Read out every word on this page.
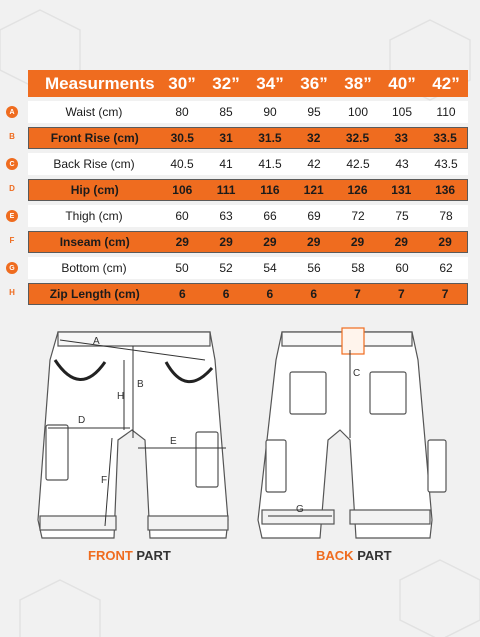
Measurments 30” 32” 34” 36” 38” 40” 42”
Waist (cm)	80	85	90	95	100	105	110
Front Rise (cm)	30.5	31	31.5	32	32.5	33	33.5
Back Rise (cm)	40.5	41	41.5	42	42.5	43	43.5
Hip (cm)	106	111	116	121	126	131	136
Thigh (cm)	60	63	66	69	72	75	78
Inseam (cm)	29	29	29	29	29	29	29
Bottom (cm)	50	52	54	56	58	60	62
Zip Length (cm)	6	6	6	6	7	7	7
A
B
C
D
E
F
G
H
A
B
H
D
E
F
C
G
FRONT PART	BACK PART
